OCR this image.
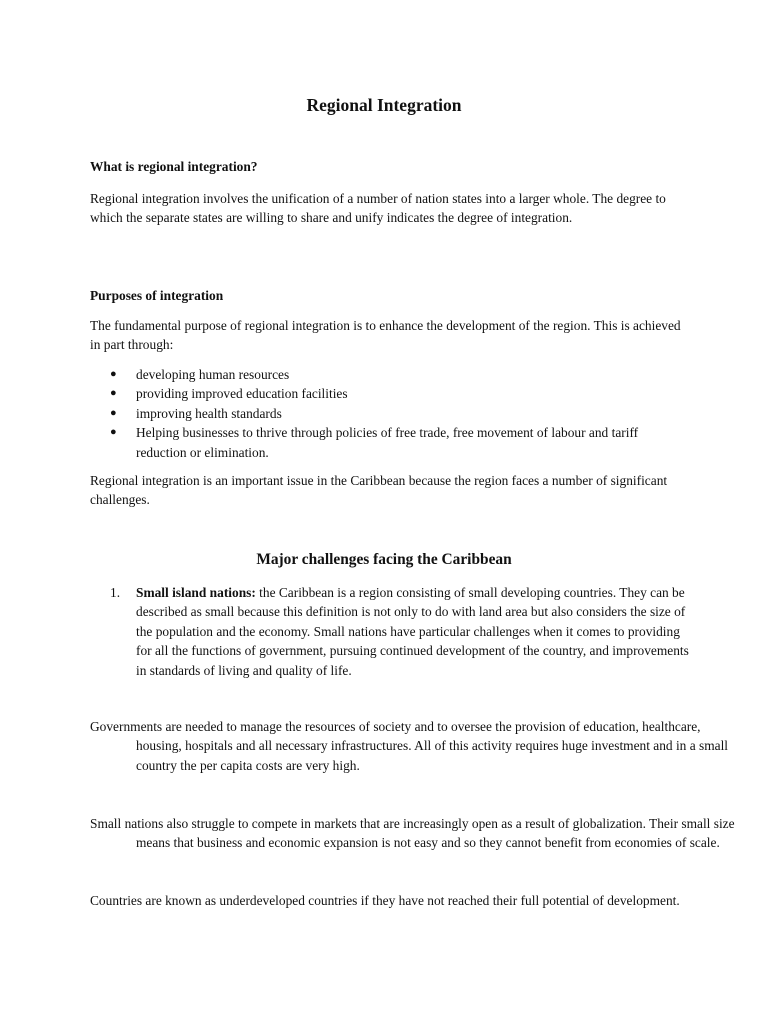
Regional Integration
What is regional integration?

Regional integration involves the unification of a number of nation states into a larger whole. The degree to which the separate states are willing to share and unify indicates the degree of integration.

Purposes of integration

The fundamental purpose of regional integration is to enhance the development of the region. This is achieved in part through:

● developing human resources
● providing improved education facilities
● improving health standards
● Helping businesses to thrive through policies of free trade, free movement of labour and tariff reduction or elimination.

Regional integration is an important issue in the Caribbean because the region faces a number of significant challenges.

Major challenges facing the Caribbean
1. Small island nations: the Caribbean is a region consisting of small developing countries. They can be described as small because this definition is not only to do with land area but also considers the size of the population and the economy. Small nations have particular challenges when it comes to providing for all the functions of government, pursuing continued development of the country, and improvements in standards of living and quality of life.

Governments are needed to manage the resources of society and to oversee the provision of education, healthcare, housing, hospitals and all necessary infrastructures. All of this activity requires huge investment and in a small country the per capita costs are very high.

Small nations also struggle to compete in markets that are increasingly open as a result of globalization. Their small size means that business and economic expansion is not easy and so they cannot benefit from economies of scale.

Countries are known as underdeveloped countries if they have not reached their full potential of development.
